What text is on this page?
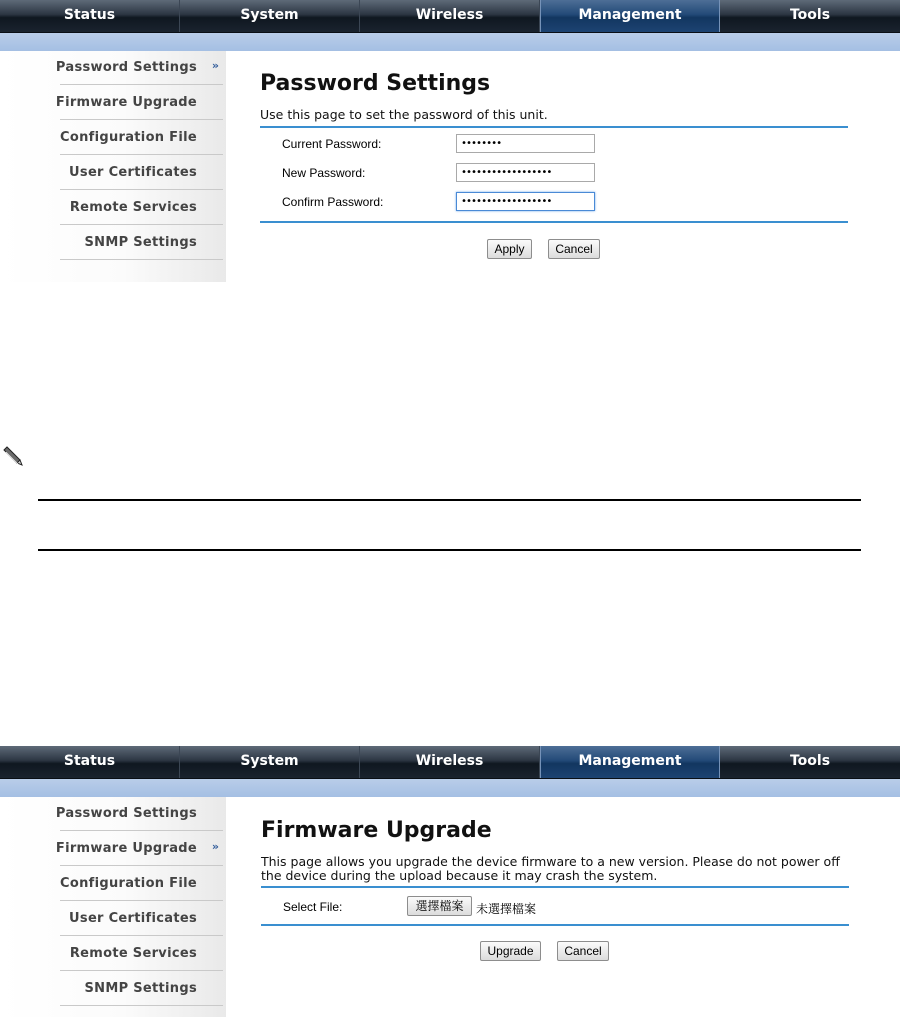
Status	System	Wireless	Management	Tools
Password Settings »
Firmware Upgrade
Configuration File
User Certificates
Remote Services
SNMP Settings
Password Settings
Use this page to set the password of this unit.
Current Password:	••••••••
New Password:	••••••••••••••••••
Confirm Password:	••••••••••••••••••
Apply	Cancel
Status	System	Wireless	Management	Tools
Password Settings
Firmware Upgrade »
Configuration File
User Certificates
Remote Services
SNMP Settings
Firmware Upgrade
This page allows you upgrade the device firmware to a new version. Please do not power off the device during the upload because it may crash the system.
Select File:	選擇檔案	未選擇檔案
Upgrade	Cancel
